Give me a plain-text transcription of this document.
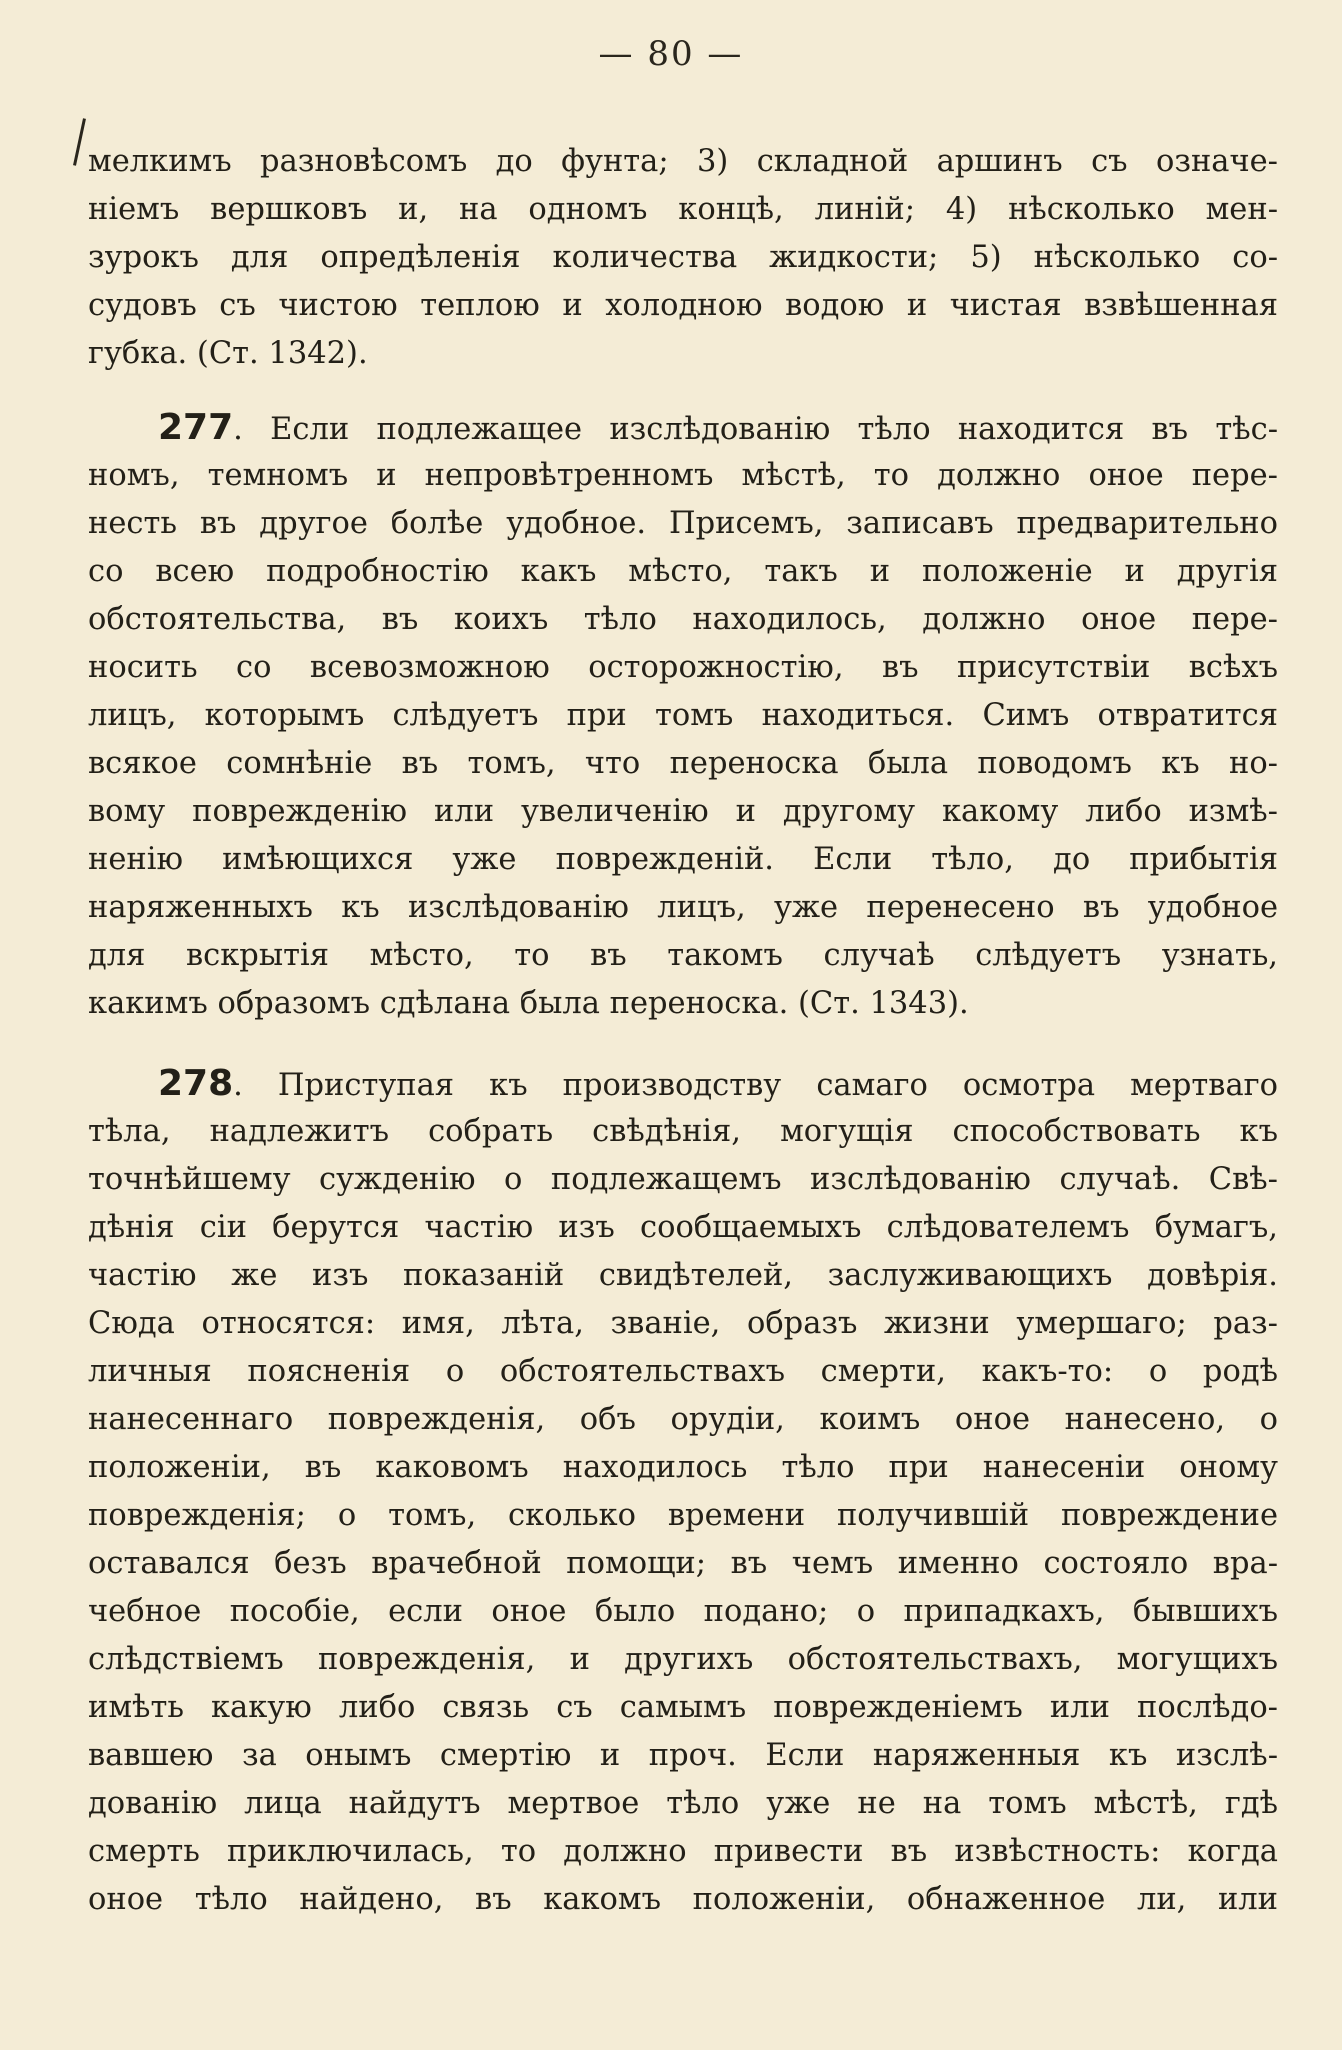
— 80 —
мелкимъ разновѣсомъ до фунта; 3) складной аршинъ съ означе-
ніемъ вершковъ и, на одномъ концѣ, линій; 4) нѣсколько мен-
зурокъ для опредѣленія количества жидкости; 5) нѣсколько со-
судовъ съ чистою теплою и холодною водою и чистая взвѣшенная
губка. (Ст. 1342).
277. Если подлежащее изслѣдованію тѣло находится въ тѣс-
номъ, темномъ и непровѣтренномъ мѣстѣ, то должно оное пере-
несть въ другое болѣе удобное. Присемъ, записавъ предварительно
со всею подробностію какъ мѣсто, такъ и положеніе и другія
обстоятельства, въ коихъ тѣло находилось, должно оное пере-
носить со всевозможною осторожностію, въ присутствіи всѣхъ
лицъ, которымъ слѣдуетъ при томъ находиться. Симъ отвратится
всякое сомнѣніе въ томъ, что переноска была поводомъ къ но-
вому поврежденію или увеличенію и другому какому либо измѣ-
ненію имѣющихся уже поврежденій. Если тѣло, до прибытія
наряженныхъ къ изслѣдованію лицъ, уже перенесено въ удобное
для вскрытія мѣсто, то въ такомъ случаѣ слѣдуетъ узнать,
какимъ образомъ сдѣлана была переноска. (Ст. 1343).
278. Приступая къ производству самаго осмотра мертваго
тѣла, надлежитъ собрать свѣдѣнія, могущія способствовать къ
точнѣйшему сужденію о подлежащемъ изслѣдованію случаѣ. Свѣ-
дѣнія сіи берутся частію изъ сообщаемыхъ слѣдователемъ бумагъ,
частію же изъ показаній свидѣтелей, заслуживающихъ довѣрія.
Сюда относятся: имя, лѣта, званіе, образъ жизни умершаго; раз-
личныя поясненія о обстоятельствахъ смерти, какъ-то: о родѣ
нанесеннаго поврежденія, объ орудіи, коимъ оное нанесено, о
положеніи, въ каковомъ находилось тѣло при нанесеніи оному
поврежденія; о томъ, сколько времени получившій повреждение
оставался безъ врачебной помощи; въ чемъ именно состояло вра-
чебное пособіе, если оное было подано; о припадкахъ, бывшихъ
слѣдствіемъ поврежденія, и другихъ обстоятельствахъ, могущихъ
имѣть какую либо связь съ самымъ поврежденіемъ или послѣдо-
вавшею за онымъ смертію и проч. Если наряженныя къ изслѣ-
дованію лица найдутъ мертвое тѣло уже не на томъ мѣстѣ, гдѣ
смерть приключилась, то должно привести въ извѣстность: когда
оное тѣло найдено, въ какомъ положеніи, обнаженное ли, или
